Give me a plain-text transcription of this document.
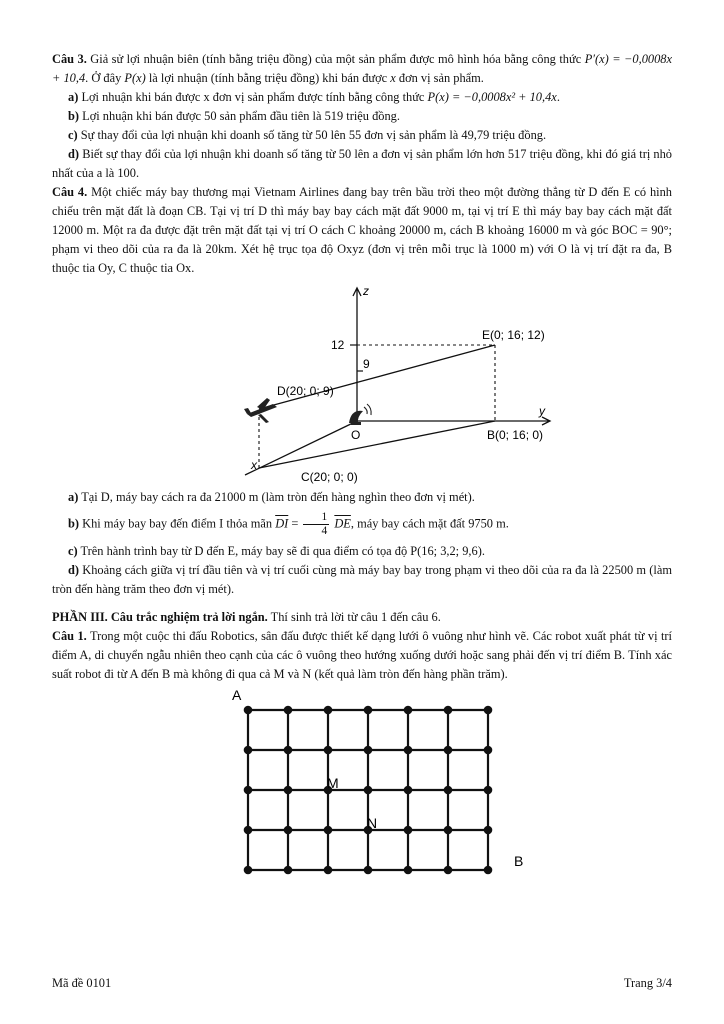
Câu 3. Giả sử lợi nhuận biên (tính bằng triệu đồng) của một sản phẩm được mô hình hóa bằng công thức P′(x) = −0,0008x + 10,4. Ở đây P(x) là lợi nhuận (tính bằng triệu đồng) khi bán được x đơn vị sản phẩm.

a) Lợi nhuận khi bán được x đơn vị sản phẩm được tính bằng công thức P(x) = −0,0008x² + 10,4x.

b) Lợi nhuận khi bán được 50 sản phẩm đầu tiên là 519 triệu đồng.

c) Sự thay đổi của lợi nhuận khi doanh số tăng từ 50 lên 55 đơn vị sản phẩm là 49,79 triệu đồng.

d) Biết sự thay đổi của lợi nhuận khi doanh số tăng từ 50 lên a đơn vị sản phẩm lớn hơn 517 triệu đồng, khi đó giá trị nhỏ nhất của a là 100.

Câu 4. Một chiếc máy bay thương mại Vietnam Airlines đang bay trên bầu trời theo một đường thẳng từ D đến E có hình chiếu trên mặt đất là đoạn CB. Tại vị trí D thì máy bay bay cách mặt đất 9000 m, tại vị trí E thì máy bay bay cách mặt đất 12000 m. Một ra đa được đặt trên mặt đất tại vị trí O cách C khoảng 20000 m, cách B khoảng 16000 m và góc BOC = 90°; phạm vi theo dõi của ra đa là 20km. Xét hệ trục tọa độ Oxyz (đơn vị trên mỗi trục là 1000 m) với O là vị trí đặt ra đa, B thuộc tia Oy, C thuộc tia Ox.

z
y
x
O
12
9
E(0; 16; 12)
D(20; 0; 9)
B(0; 16; 0)
C(20; 0; 0)

a) Tại D, máy bay cách ra đa 21000 m (làm tròn đến hàng nghìn theo đơn vị mét).

b) Khi máy bay bay đến điểm I thỏa mãn $\overline{DI} = \frac{1}{4} \overline{DE}$, máy bay cách mặt đất 9750 m.

c) Trên hành trình bay từ D đến E, máy bay sẽ đi qua điểm có tọa độ P(16; 3,2; 9,6).

d) Khoảng cách giữa vị trí đầu tiên và vị trí cuối cùng mà máy bay bay trong phạm vi theo dõi của ra đa là 22500 m (làm tròn đến hàng trăm theo đơn vị mét).

PHẦN III. Câu trắc nghiệm trả lời ngắn. Thí sinh trả lời từ câu 1 đến câu 6.

Câu 1. Trong một cuộc thi đấu Robotics, sân đấu được thiết kế dạng lưới ô vuông như hình vẽ. Các robot xuất phát từ vị trí điểm A, di chuyển ngẫu nhiên theo cạnh của các ô vuông theo hướng xuống dưới hoặc sang phải đến vị trí điểm B. Tính xác suất robot đi từ A đến B mà không đi qua cả M và N (kết quả làm tròn đến hàng phần trăm).

A
B
M
N
Mã đề 0101	Trang 3/4
